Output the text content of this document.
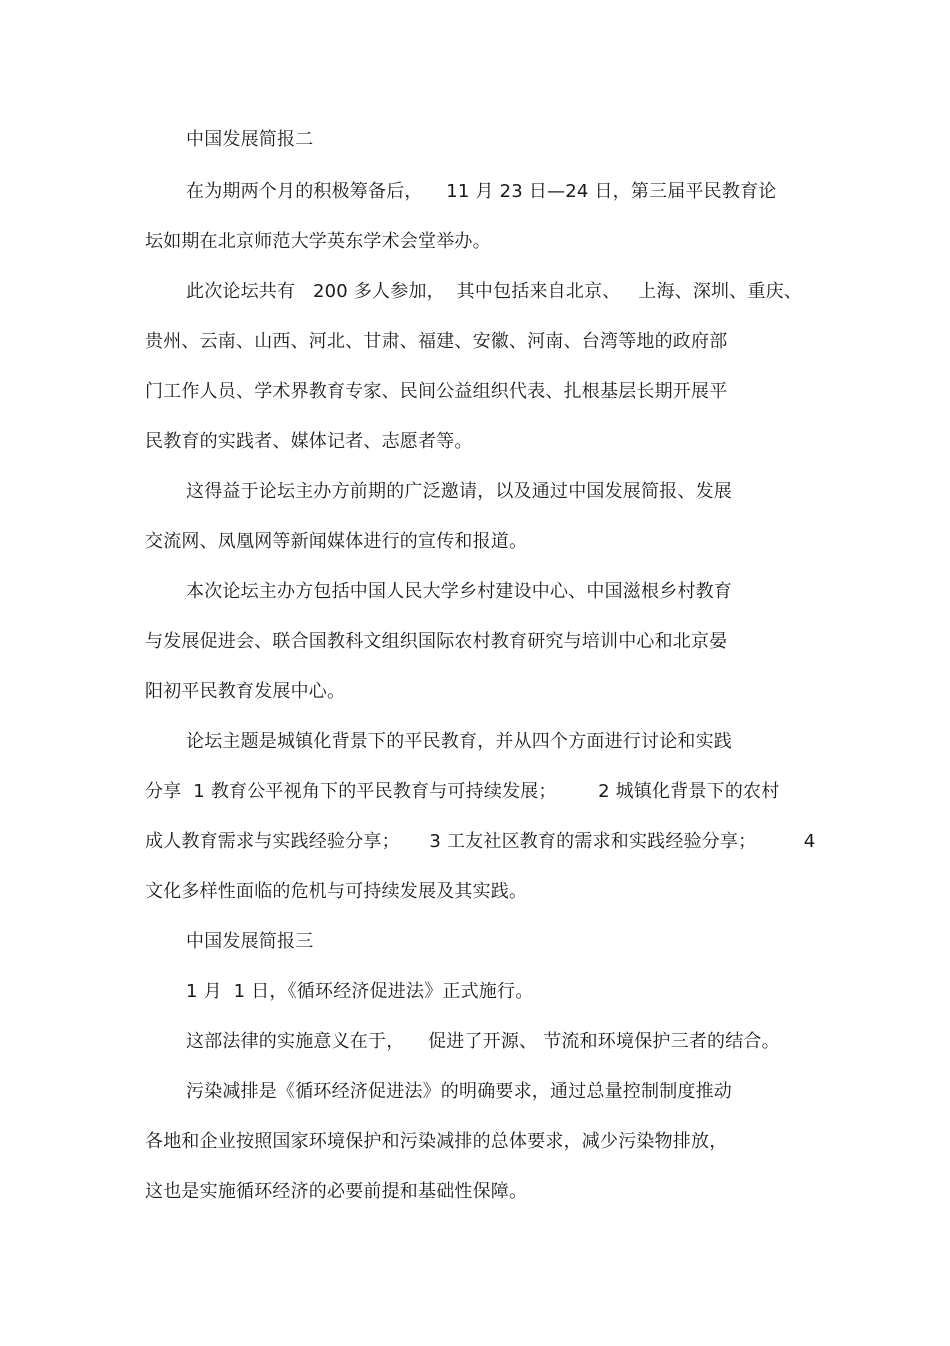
中国发展简报二
在为期两个月的积极筹备后，    11 月 23 日—24 日，第三届平民教育论
坛如期在北京师范大学英东学术会堂举办。
此次论坛共有   200 多人参加，  其中包括来自北京、   上海、深圳、重庆、
贵州、云南、山西、河北、甘肃、福建、安徽、河南、台湾等地的政府部
门工作人员、学术界教育专家、民间公益组织代表、扎根基层长期开展平
民教育的实践者、媒体记者、志愿者等。
这得益于论坛主办方前期的广泛邀请，以及通过中国发展简报、发展
交流网、凤凰网等新闻媒体进行的宣传和报道。
本次论坛主办方包括中国人民大学乡村建设中心、中国滋根乡村教育
与发展促进会、联合国教科文组织国际农村教育研究与培训中心和北京晏
阳初平民教育发展中心。
论坛主题是城镇化背景下的平民教育，并从四个方面进行讨论和实践
分享  1 教育公平视角下的平民教育与可持续发展；       2 城镇化背景下的农村
成人教育需求与实践经验分享；     3 工友社区教育的需求和实践经验分享；        4
文化多样性面临的危机与可持续发展及其实践。
中国发展简报三
1 月  1 日，《循环经济促进法》正式施行。
这部法律的实施意义在于，    促进了开源、 节流和环境保护三者的结合。
污染减排是《循环经济促进法》的明确要求，通过总量控制制度推动
各地和企业按照国家环境保护和污染减排的总体要求，减少污染物排放，
这也是实施循环经济的必要前提和基础性保障。
